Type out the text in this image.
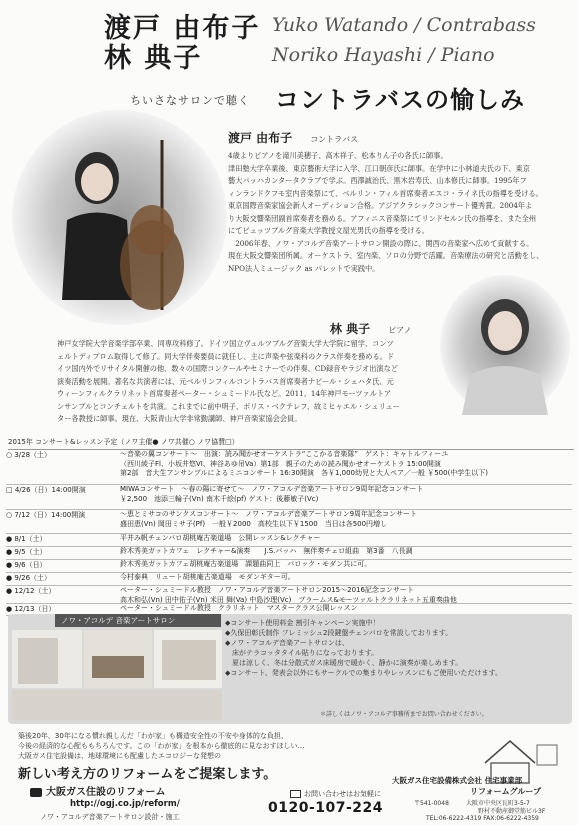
渡戸 由布子 Yuko Watando / Contrabass
林 典子	Noriko Hayashi / Piano
ちいさなサロンで聴く コントラバスの愉しみ
渡戸 由布子 コントラバス
4歳よりピアノを滝川美穂子、高木祥子、松本りん子の各氏に師事。
津田塾大学卒業後、東京藝術大学に入学、江口朝彦氏に師事。在学中に小林道夫氏の下、東京
藝大バッハカンタータクラブで学ぶ。西澤誠治氏、黒木岩寿氏、山本修氏に師事。1995年フ
ィンランドクフモ室内音楽祭にて、ベルリン・フィル首席奏者エスコ・ライネ氏の指導を受ける。
東京国際音楽家協会新人オーディション合格。アジアクラシックコンサート優秀賞。2004年よ
り大阪交響楽団副首席奏者を務める。アフィニス音楽祭にてリンドセルン氏の指導を、また全州
にてビュッツブルグ音楽大学教授文屋光男氏の指導を受ける。
2006年春、ノワ・アコルデ音楽アートサロン開設の際に、関西の音楽家へ広めて貢献する。
現在大阪交響楽団所属。オーケストラ、室内楽、ソロの分野で活躍。音楽療法の研究と活動をし、
NPO法人ミュージック as パレットで実践中。
林 典子 ピアノ
神戸女学院大学音楽学部卒業、同専攻科修了。ドイツ国立ヴュルツブルグ音楽大学大学院に留学、コンツ
ェルトディプロム取得して修了。同大学伴奏要員に就任し、主に声楽や弦楽科のクラス伴奏を務める。ド
イツ国内外でリサイタル開催の他、数々の国際コンクールやセミナーでの伴奏、CD録音やラジオ出演など
演奏活動を展開。著名な共演者には、元ベルリンフィルコントラバス首席奏者ナビール・シェハタ氏、元
ウィーンフィルクラリネット首席奏者ペーター・シュミードル氏など。2011、14年神戸モーツァルトア
ンサンブルとコンチェルトを共演。これまでに前中明子、ボリス・ベクテレフ、故ミヒャエル・シュリュー
ター各教授に師事。現在、大阪青山大学非常勤講師、神戸音楽家協会会員。
2015年 コンサート&レッスン予定（ノワ主催● ノワ共催○ ノワ協賛□）
○ 3/28（土）	～音楽の翼コンサート～　出演：読み聞かせオーケストラ“ここかる音楽隊”　ゲスト：キャトルフィーユ
（西川綾子Fl、小坂井悠VI、神谷あゆ吊Va）第1部　親子のための読み聞かせオーケストラ 15:00開演
第2部　音大生アンサンブルによるミニコンサート 16:30開演　各￥1,000幼児と大人ペア／一般 ￥500(中学生以下)
□ 4/26（日）14:00開演	MIWAコンサート　～春の陽に寄せて～　ノワ・アコルデ音楽アートサロン9周年記念コンサート
￥2,500　池添三輪子(Vn) 南木千絵(pf) ゲスト：後藤敏子(Vc)
○ 7/12（日）14:00開演	～恵とミサコのサンクスコンサート～　ノワ・アコルデ音楽アートサロン9周年記念コンサート
盛田恵(Vn) 岡田ミサ子(Pf)　一般￥2000　高校生以下￥1500　当日は各500円増し
● 8/1（土）	平井み帆チェンバロ胡桃庵古楽道場　公開レッスン&レクチャー
● 9/5（土）	鈴木秀美ガットカフェ　レクチャー&演奏　　J.S.バッハ　無伴奏チェロ組曲　第3番　八長調
● 9/6（日）	鈴木秀美ガットカフェ胡桃庵古楽道場　課題曲同上　バロック・モダン共に可。
● 9/26（土）	今村泰典　リュート胡桃庵古楽道場　モダンギター可。
● 12/12（土）	ペーター・シュミードル教授　ノワ・アコルデ音楽アートサロン2015～2016記念コンサート
高木和弘(Vn) 田中佑子(Vn) 米田 舞(Va) 中島沙理(Vc)　ブラームス&モーツァルトクラリネット五重奏曲他
● 12/13（日）	ペーター・シュミードル教授　クラリネット　マスタークラス公開レッスン
ノワ・アコルデ 音楽アートサロン	◆コンサート使用料金 割引キャンペーン実施中！
◆久保田彰氏制作 フレミッシュ2段鍵盤チェンバロを常設しております。
◆ノワ・アコルデ音楽アートサロンは、
　床がテラコッタタイル貼りになっております。
　夏は涼しく、冬は分散式ガス床暖房で暖かく、静かに演奏が楽しめます。
◆コンサート、発表会以外にもサークルでの集まりやレッスンにもご使用いただけます。
＊詳しくはノワ・アコルデ事務所までお問い合わせください。
築後20年、30年になる慣れ親しんだ「わが家」も構造安全性の不安や身体的な負担、
今後の経済的な心配ももちろんです。この「わが家」を根本から徹底的に見なおすほしい…
大阪ガス住宅設備は、地球環境にも配慮したエコロジーな発想の
新しい考え方のリフォームをご提案します。
大阪ガス住設のリフォーム
http://ogj.co.jp/reform/
ノワ・アコルデ音楽アートサロン設計・施工
お問い合わせはお気軽に
0120-107-224
大阪ガス住宅設備株式会社 住宅事業部
リフォームグループ
〒541-0048	大阪市中央区瓦町3-5-7
野村不動産御堂筋ビル3F
TEL:06-6222-4319 FAX:06-6222-4359
